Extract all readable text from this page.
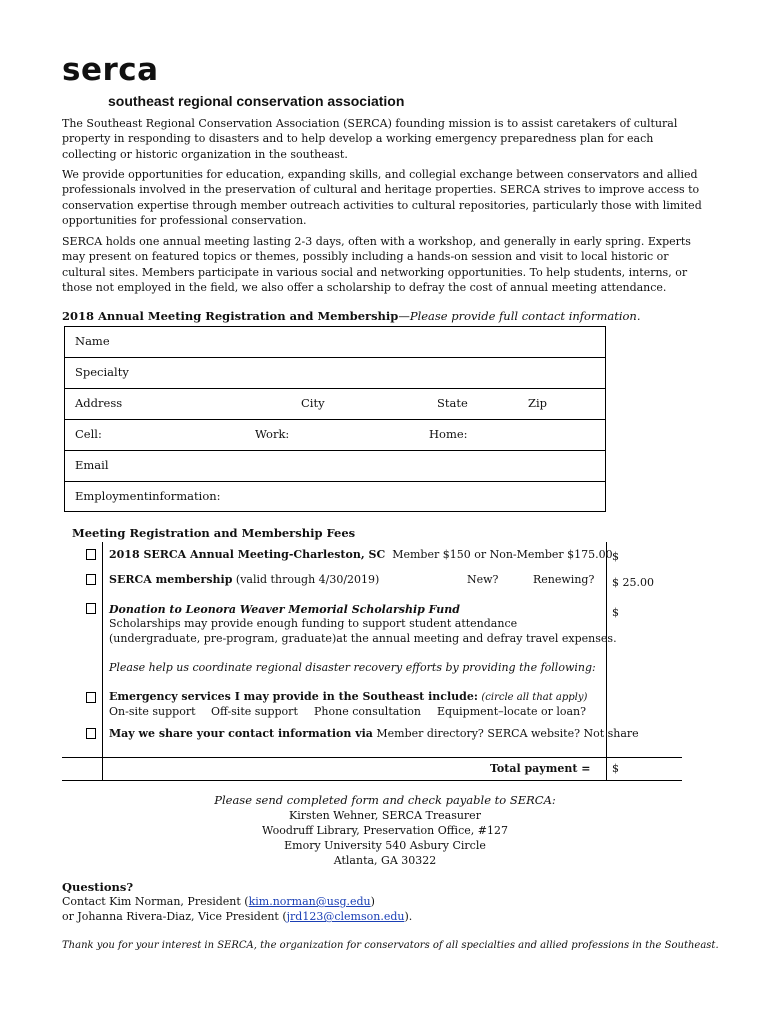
serca
southeast regional conservation association
The Southeast Regional Conservation Association (SERCA) founding mission is to assist caretakers of cultural property in responding to disasters and to help develop a working emergency preparedness plan for each collecting or historic organization in the southeast.
We provide opportunities for education, expanding skills, and collegial exchange between conservators and allied professionals involved in the preservation of cultural and heritage properties. SERCA strives to improve access to conservation expertise through member outreach activities to cultural repositories, particularly those with limited opportunities for professional conservation.
SERCA holds one annual meeting lasting 2-3 days, often with a workshop, and generally in early spring. Experts may present on featured topics or themes, possibly including a hands-on session and visit to local historic or cultural sites. Members participate in various social and networking opportunities. To help students, interns, or those not employed in the field, we also offer a scholarship to defray the cost of annual meeting attendance.
2018 Annual Meeting Registration and Membership—Please provide full contact information.
Name
Specialty
Address	City	State	Zip
Cell:	Work:	Home:
Email
Employmentinformation:
Meeting Registration and Membership Fees
2018 SERCA Annual Meeting-Charleston, SC Member $150 or Non-Member $175.00 $
SERCA membership (valid through 4/30/2019)	New?	Renewing? $ 25.00
Donation to Leonora Weaver Memorial Scholarship Fund
Scholarships may provide enough funding to support student attendance
(undergraduate, pre-program, graduate)at the annual meeting and defray travel expenses.
$
Please help us coordinate regional disaster recovery efforts by providing the following:
Emergency services I may provide in the Southeast include: (circle all that apply)
On-site support Off-site support Phone consultation Equipment–locate or loan?
May we share your contact information via Member directory? SERCA website? Not share
Total payment = $
Please send completed form and check payable to SERCA:
Kirsten Wehner, SERCA Treasurer
Woodruff Library, Preservation Office, #127
Emory University 540 Asbury Circle
Atlanta, GA 30322
Questions?
Contact Kim Norman, President (kim.norman@usg.edu)
or Johanna Rivera-Diaz, Vice President (jrd123@clemson.edu).
Thank you for your interest in SERCA, the organization for conservators of all specialties and allied professions in the Southeast.
